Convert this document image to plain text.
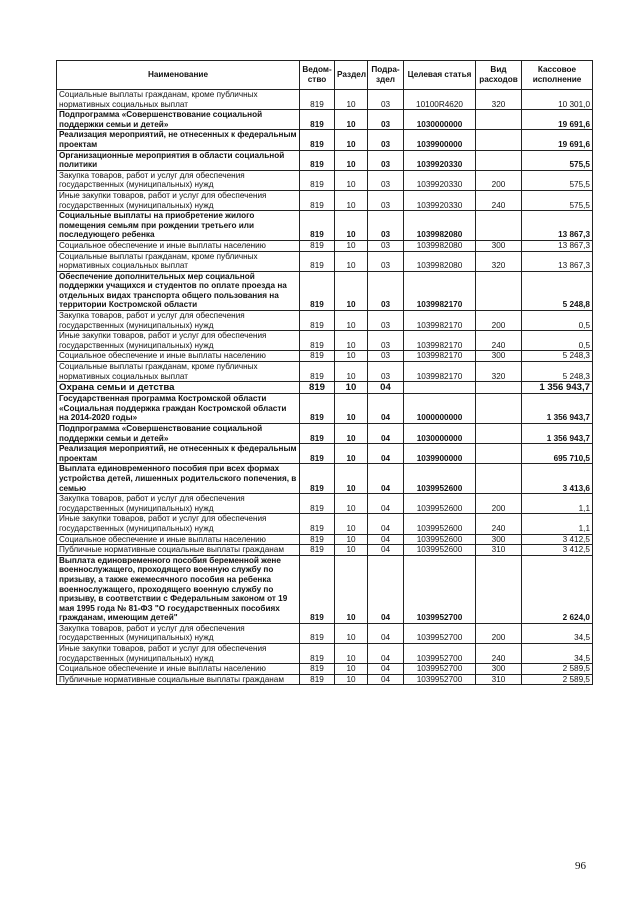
Наименование	Ведом-ство	Раздел	Подра-здел	Целевая статья	Вид расходов	Кассовое исполнение
Социальные выплаты гражданам, кроме публичных нормативных социальных выплат	819	10	03	10100R4620	320	10 301,0
Подпрограмма «Совершенствование социальной поддержки семьи и детей»	819	10	03	1030000000		19 691,6
Реализация мероприятий, не отнесенных к федеральным проектам	819	10	03	1039900000		19 691,6
Организационные мероприятия в области социальной политики	819	10	03	1039920330		575,5
Закупка товаров, работ и услуг для обеспечения государственных (муниципальных) нужд	819	10	03	1039920330	200	575,5
Иные закупки товаров, работ и услуг для обеспечения государственных (муниципальных) нужд	819	10	03	1039920330	240	575,5
Социальные выплаты на приобретение жилого помещения семьям при рождении третьего или последующего ребенка	819	10	03	1039982080		13 867,3
Социальное обеспечение и иные выплаты населению	819	10	03	1039982080	300	13 867,3
Социальные выплаты гражданам, кроме публичных нормативных социальных выплат	819	10	03	1039982080	320	13 867,3
Обеспечение дополнительных мер социальной поддержки учащихся и студентов по оплате проезда на отдельных видах транспорта общего пользования на территории Костромской области	819	10	03	1039982170		5 248,8
Закупка товаров, работ и услуг для обеспечения государственных (муниципальных) нужд	819	10	03	1039982170	200	0,5
Иные закупки товаров, работ и услуг для обеспечения государственных (муниципальных) нужд	819	10	03	1039982170	240	0,5
Социальное обеспечение и иные выплаты населению	819	10	03	1039982170	300	5 248,3
Социальные выплаты гражданам, кроме публичных нормативных социальных выплат	819	10	03	1039982170	320	5 248,3
Охрана семьи и детства	819	10	04			1 356 943,7
Государственная программа Костромской области «Социальная поддержка граждан Костромской области на 2014-2020 годы»	819	10	04	1000000000		1 356 943,7
Подпрограмма «Совершенствование социальной поддержки семьи и детей»	819	10	04	1030000000		1 356 943,7
Реализация мероприятий, не отнесенных к федеральным проектам	819	10	04	1039900000		695 710,5
Выплата единовременного пособия при всех формах устройства детей, лишенных родительского попечения, в семью	819	10	04	1039952600		3 413,6
Закупка товаров, работ и услуг для обеспечения государственных (муниципальных) нужд	819	10	04	1039952600	200	1,1
Иные закупки товаров, работ и услуг для обеспечения государственных (муниципальных) нужд	819	10	04	1039952600	240	1,1
Социальное обеспечение и иные выплаты населению	819	10	04	1039952600	300	3 412,5
Публичные нормативные социальные выплаты гражданам	819	10	04	1039952600	310	3 412,5
Выплата единовременного пособия беременной жене военнослужащего, проходящего военную службу по призыву, а также ежемесячного пособия на ребенка военнослужащего, проходящего военную службу по призыву, в соответствии с Федеральным законом от 19 мая 1995 года № 81-ФЗ "О государственных пособиях гражданам, имеющим детей"	819	10	04	1039952700		2 624,0
Закупка товаров, работ и услуг для обеспечения государственных (муниципальных) нужд	819	10	04	1039952700	200	34,5
Иные закупки товаров, работ и услуг для обеспечения государственных (муниципальных) нужд	819	10	04	1039952700	240	34,5
Социальное обеспечение и иные выплаты населению	819	10	04	1039952700	300	2 589,5
Публичные нормативные социальные выплаты гражданам	819	10	04	1039952700	310	2 589,5
96
